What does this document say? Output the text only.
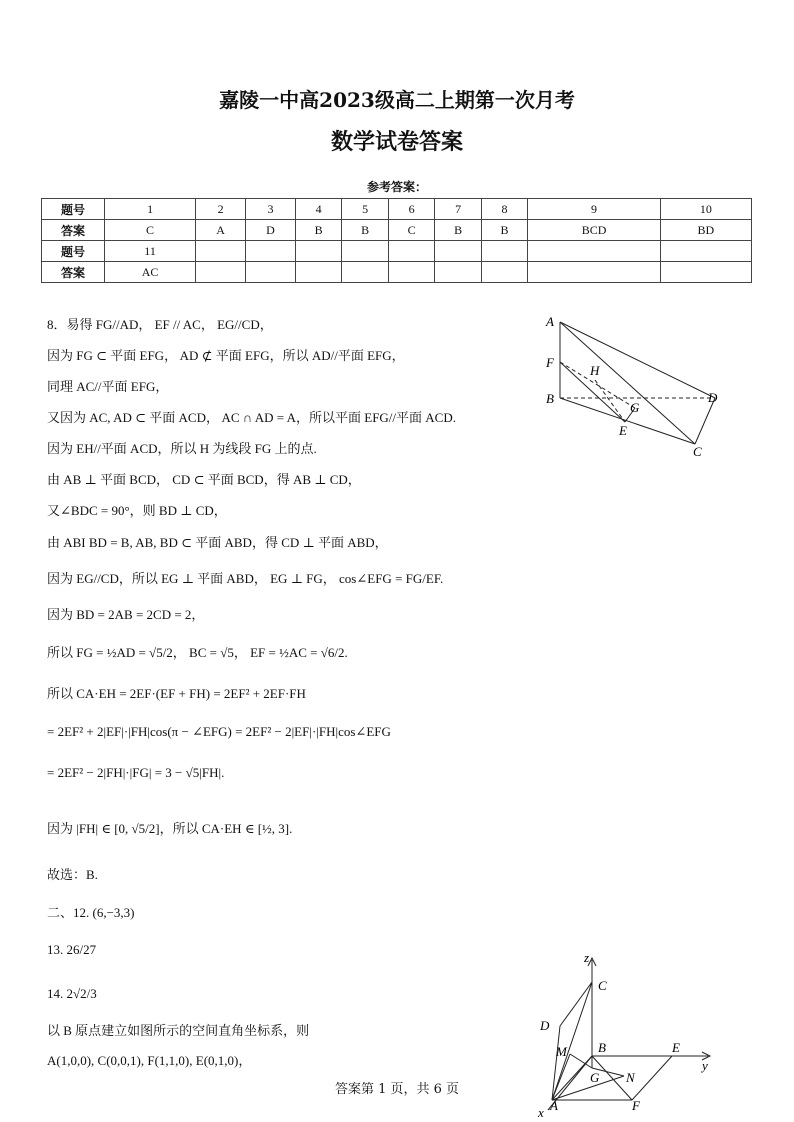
嘉陵一中高2023级高二上期第一次月考
数学试卷答案
参考答案：
题号	1	2	3	4	5	6	7	8	9	10
答案	C	A	D	B	B	C	B	B	BCD	BD
题号	11									
答案	AC									
8．易得 FG//AD， EF // AC， EG//CD，
因为 FG ⊂ 平面 EFG， AD ⊄ 平面 EFG，所以 AD//平面 EFG，
同理 AC//平面 EFG，
又因为 AC, AD ⊂ 平面 ACD， AC ∩ AD = A，所以平面 EFG//平面 ACD.
因为 EH//平面 ACD，所以 H 为线段 FG 上的点.
由 AB ⊥ 平面 BCD， CD ⊂ 平面 BCD，得 AB ⊥ CD，
又∠BDC = 90°，则 BD ⊥ CD，
由 ABI BD = B, AB, BD ⊂ 平面 ABD，得 CD ⊥ 平面 ABD，
因为 EG//CD，所以 EG ⊥ 平面 ABD， EG ⊥ FG， cos∠EFG = FG/EF.
因为 BD = 2AB = 2CD = 2，
所以 FG = ½AD = √5/2， BC = √5， EF = ½AC = √6/2.
所以 CA·EH = 2EF·(EF + FH) = 2EF² + 2EF·FH
= 2EF² + 2|EF|·|FH|cos(π − ∠EFG) = 2EF² − 2|EF|·|FH|cos∠EFG
= 2EF² − 2|FH|·|FG| = 3 − √5|FH|.
因为 |FH| ∈ [0, √5/2]，所以 CA·EH ∈ [½, 3].
故选：B.
二、12. (6,−3,3)
13. 26/27
14. 2√2/3
以 B 原点建立如图所示的空间直角坐标系，则
A(1,0,0), C(0,0,1), F(1,1,0), E(0,1,0)，
A
F
H
B
G
E
D
C
z
C
D
M B	E
y
G N
A	F
x
答案第 1 页，共 6 页
